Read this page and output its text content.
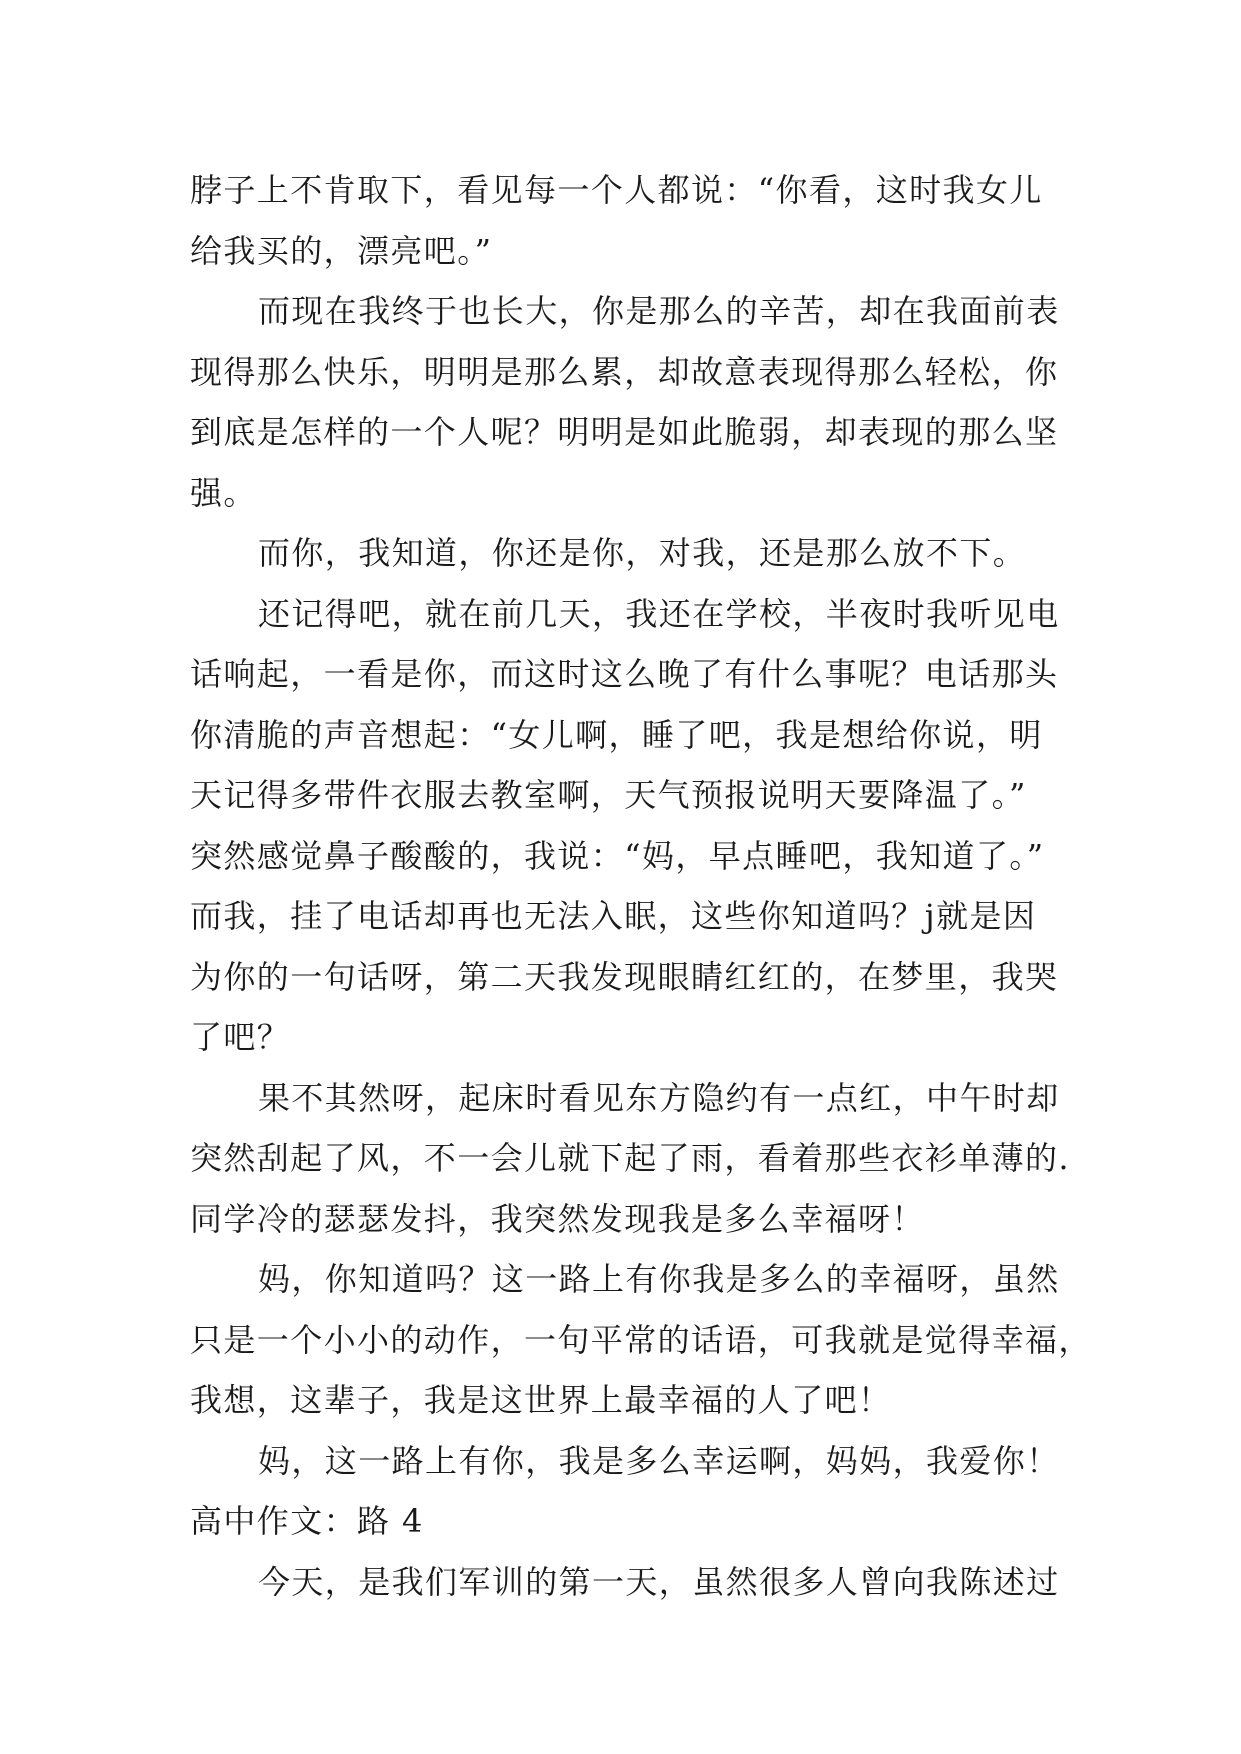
脖子上不肯取下，看见每一个人都说：“你看，这时我女儿
给我买的，漂亮吧。”
而现在我终于也长大，你是那么的辛苦，却在我面前表
现得那么快乐，明明是那么累，却故意表现得那么轻松，你
到底是怎样的一个人呢？明明是如此脆弱，却表现的那么坚
强。
而你，我知道，你还是你，对我，还是那么放不下。
还记得吧，就在前几天，我还在学校，半夜时我听见电
话响起，一看是你，而这时这么晚了有什么事呢？电话那头
你清脆的声音想起：“女儿啊，睡了吧，我是想给你说，明
天记得多带件衣服去教室啊，天气预报说明天要降温了。”
突然感觉鼻子酸酸的，我说：“妈，早点睡吧，我知道了。”
而我，挂了电话却再也无法入眠，这些你知道吗？j就是因
为你的一句话呀，第二天我发现眼睛红红的，在梦里，我哭
了吧？
果不其然呀，起床时看见东方隐约有一点红，中午时却
突然刮起了风，不一会儿就下起了雨，看着那些衣衫单薄的.
同学冷的瑟瑟发抖，我突然发现我是多么幸福呀！
妈，你知道吗？这一路上有你我是多么的幸福呀，虽然
只是一个小小的动作，一句平常的话语，可我就是觉得幸福，
我想，这辈子，我是这世界上最幸福的人了吧！
妈，这一路上有你，我是多么幸运啊，妈妈，我爱你！
高中作文：路 4
今天，是我们军训的第一天，虽然很多人曾向我陈述过
